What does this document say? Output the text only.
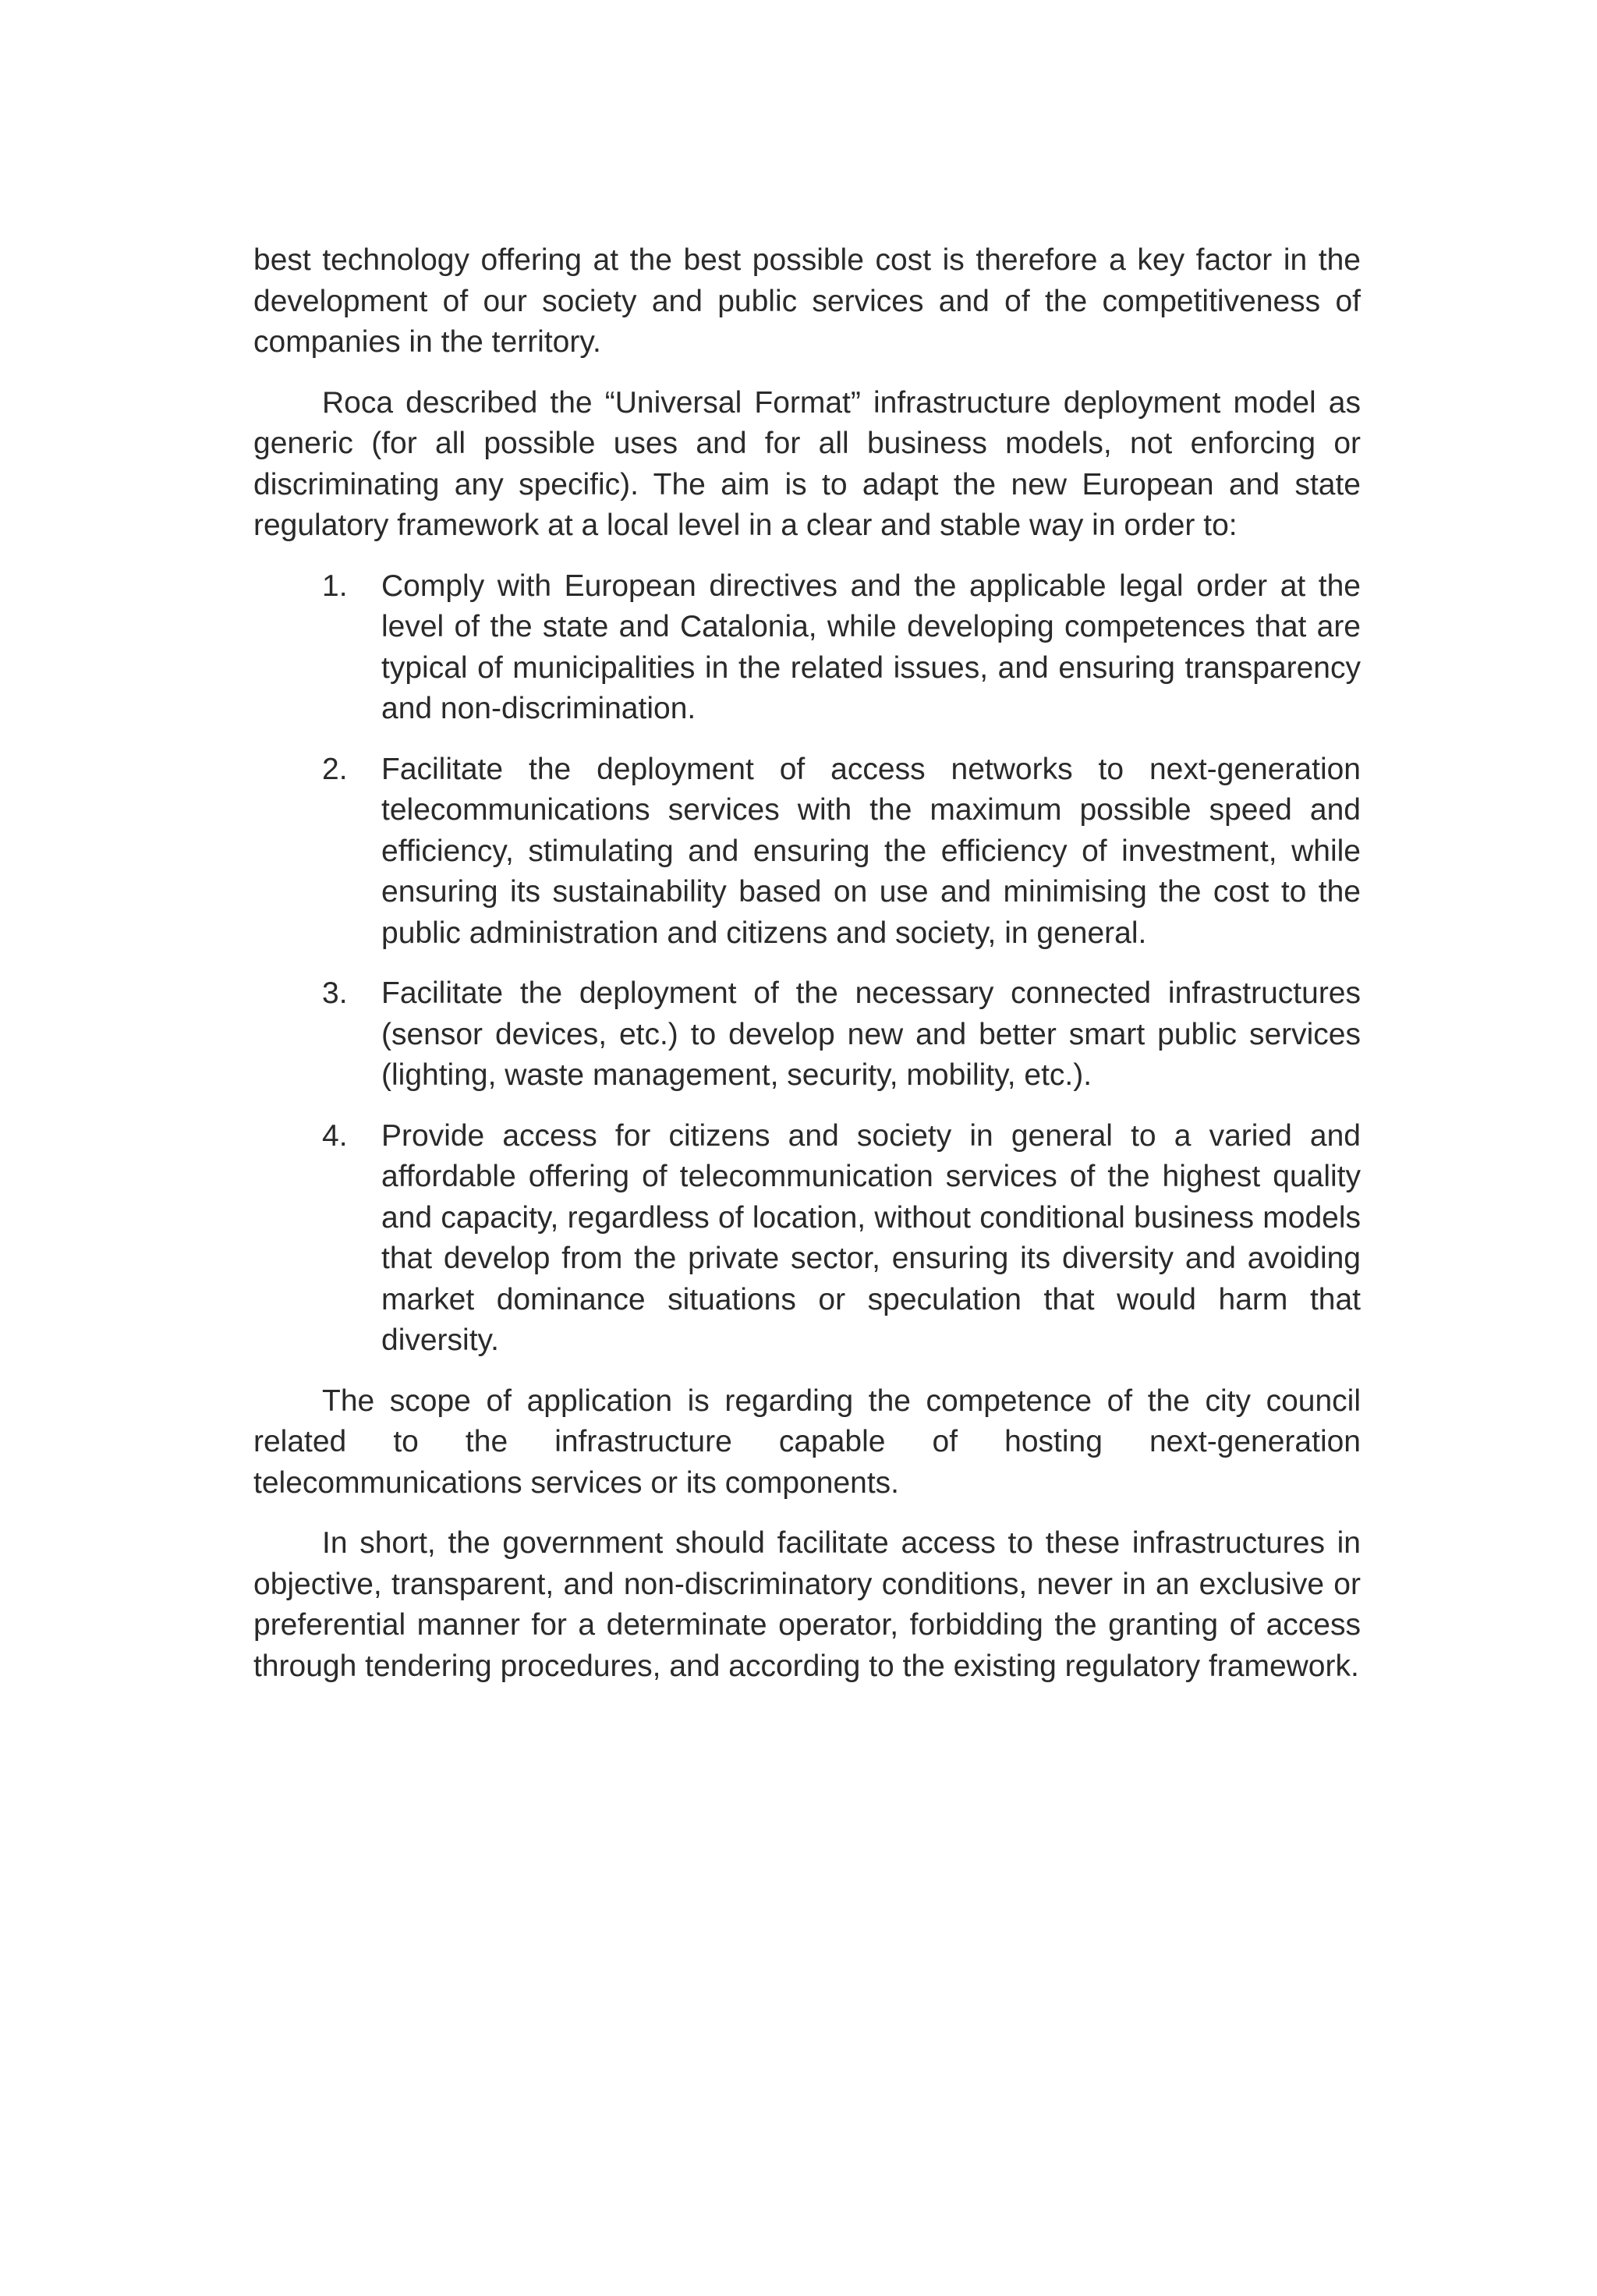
best technology offering at the best possible cost is therefore a key factor in the development of our society and public services and of the competitiveness of companies in the territory.

Roca described the “Universal Format” infrastructure deployment model as generic (for all possible uses and for all business models, not enforcing or discriminating any specific). The aim is to adapt the new European and state regulatory framework at a local level in a clear and stable way in order to:

1. Comply with European directives and the applicable legal order at the level of the state and Catalonia, while developing competences that are typical of municipalities in the related issues, and ensuring transparency and non-discrimination.
2. Facilitate the deployment of access networks to next-generation telecommunications services with the maximum possible speed and efficiency, stimulating and ensuring the efficiency of investment, while ensuring its sustainability based on use and minimising the cost to the public administration and citizens and society, in general.
3. Facilitate the deployment of the necessary connected infrastructures (sensor devices, etc.) to develop new and better smart public services (lighting, waste management, security, mobility, etc.).
4. Provide access for citizens and society in general to a varied and affordable offering of telecommunication services of the highest quality and capacity, regardless of location, without conditional business models that develop from the private sector, ensuring its diversity and avoiding market dominance situations or speculation that would harm that diversity.

The scope of application is regarding the competence of the city council related to the infrastructure capable of hosting next-generation telecommunications services or its components.

In short, the government should facilitate access to these infrastructures in objective, transparent, and non-discriminatory conditions, never in an exclusive or preferential manner for a determinate operator, forbidding the granting of access through tendering procedures, and according to the existing regulatory framework.
